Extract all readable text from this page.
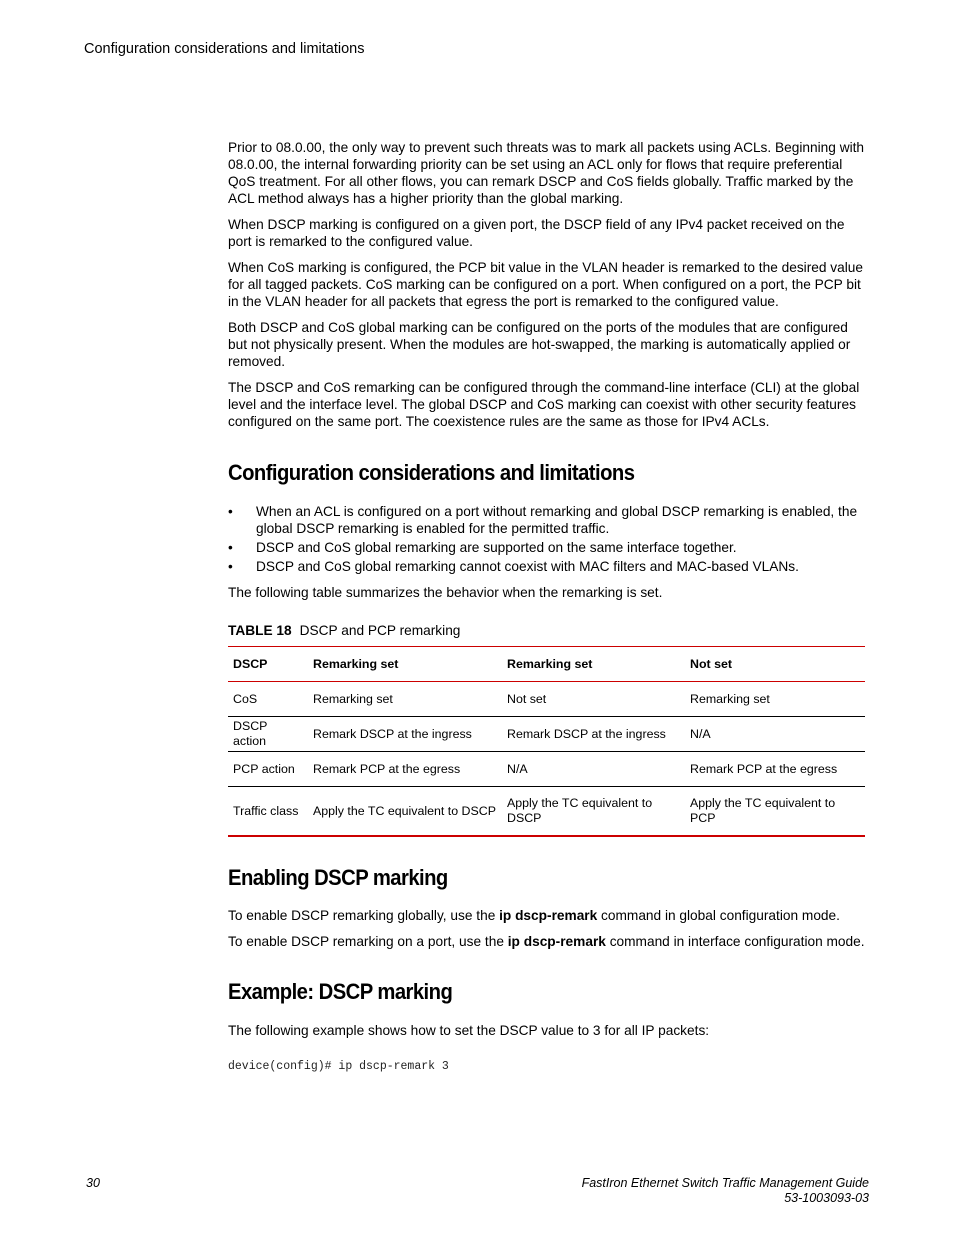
Configuration considerations and limitations

Prior to 08.0.00, the only way to prevent such threats was to mark all packets using ACLs. Beginning with 08.0.00, the internal forwarding priority can be set using an ACL only for flows that require preferential QoS treatment. For all other flows, you can remark DSCP and CoS fields globally. Traffic marked by the ACL method always has a higher priority than the global marking.

When DSCP marking is configured on a given port, the DSCP field of any IPv4 packet received on the port is remarked to the configured value.

When CoS marking is configured, the PCP bit value in the VLAN header is remarked to the desired value for all tagged packets. CoS marking can be configured on a port. When configured on a port, the PCP bit in the VLAN header for all packets that egress the port is remarked to the configured value.

Both DSCP and CoS global marking can be configured on the ports of the modules that are configured but not physically present. When the modules are hot-swapped, the marking is automatically applied or removed.

The DSCP and CoS remarking can be configured through the command-line interface (CLI) at the global level and the interface level. The global DSCP and CoS marking can coexist with other security features configured on the same port. The coexistence rules are the same as those for IPv4 ACLs.

Configuration considerations and limitations
• When an ACL is configured on a port without remarking and global DSCP remarking is enabled, the global DSCP remarking is enabled for the permitted traffic.
• DSCP and CoS global remarking are supported on the same interface together.
• DSCP and CoS global remarking cannot coexist with MAC filters and MAC-based VLANs.

The following table summarizes the behavior when the remarking is set.

TABLE 18 DSCP and PCP remarking
DSCP	Remarking set	Remarking set	Not set
CoS	Remarking set	Not set	Remarking set
DSCP action	Remark DSCP at the ingress	Remark DSCP at the ingress	N/A
PCP action	Remark PCP at the egress	N/A	Remark PCP at the egress
Traffic class	Apply the TC equivalent to DSCP	Apply the TC equivalent to DSCP	Apply the TC equivalent to PCP
Enabling DSCP marking

To enable DSCP remarking globally, use the ip dscp-remark command in global configuration mode.

To enable DSCP remarking on a port, use the ip dscp-remark command in interface configuration mode.

Example: DSCP marking

The following example shows how to set the DSCP value to 3 for all IP packets:

device(config)# ip dscp-remark 3
30	FastIron Ethernet Switch Traffic Management Guide
53-1003093-03
